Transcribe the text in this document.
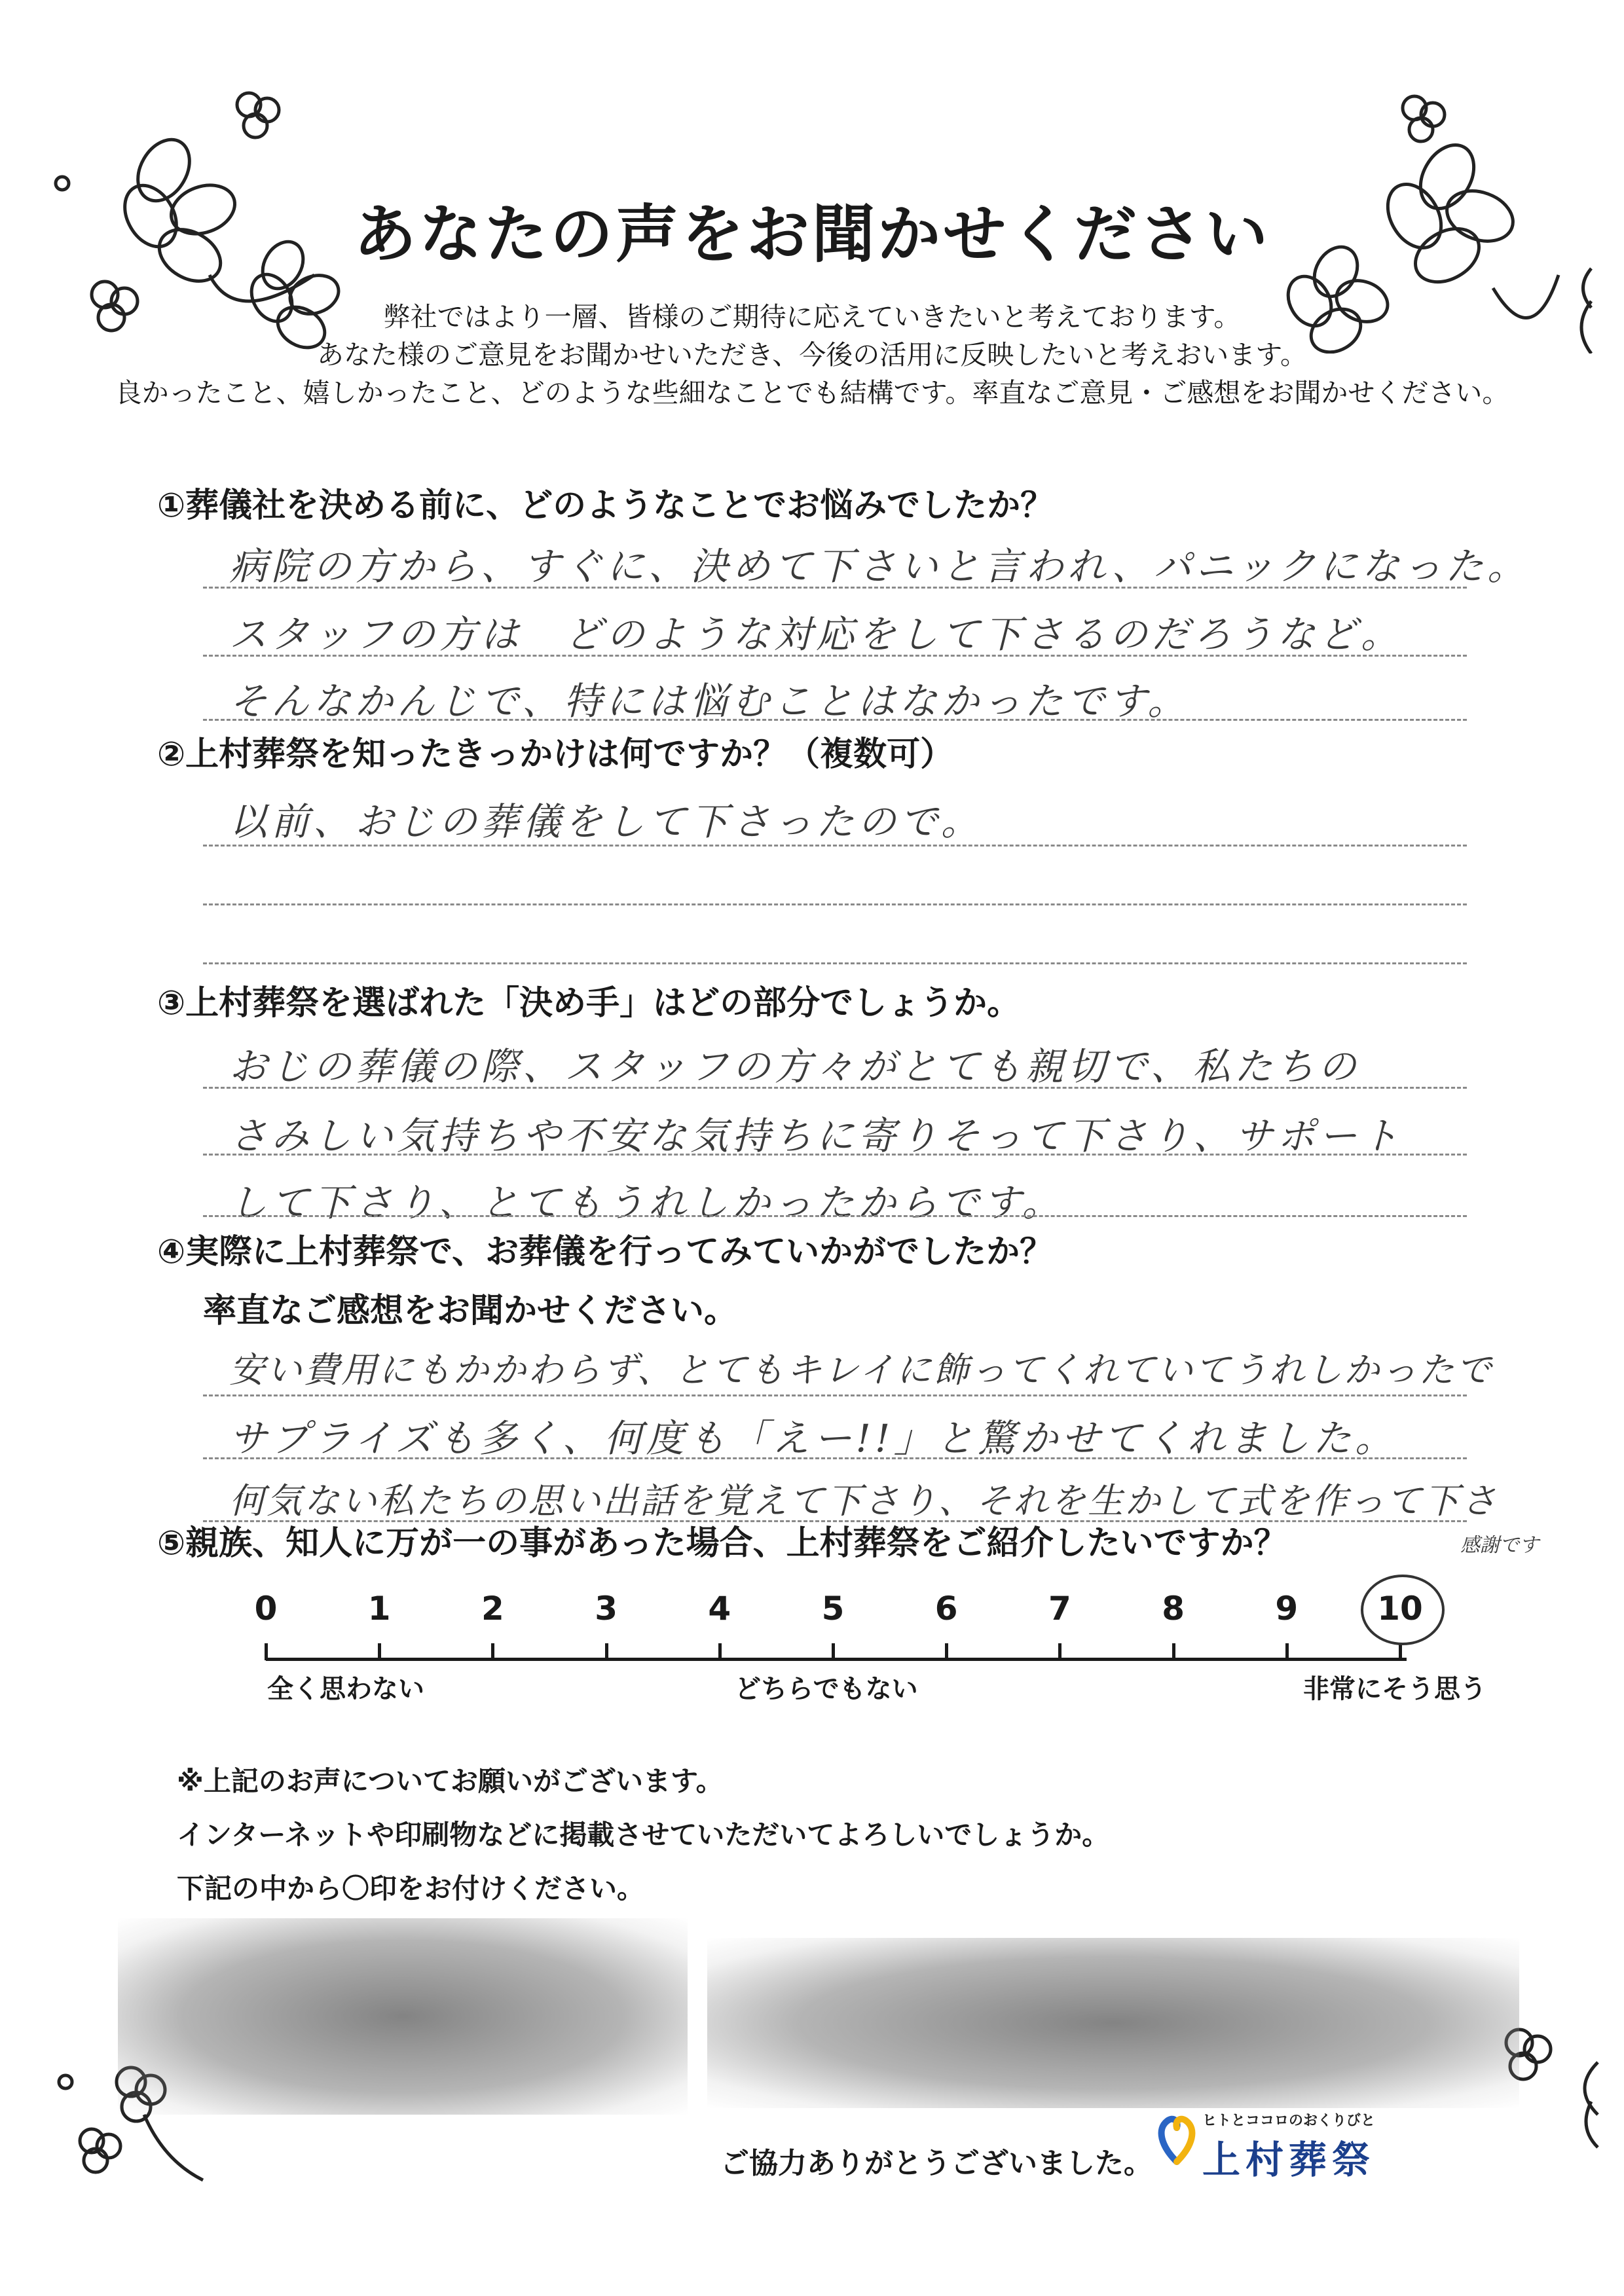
あなたの声をお聞かせください
弊社ではより一層、皆様のご期待に応えていきたいと考えております。
あなた様のご意見をお聞かせいただき、今後の活用に反映したいと考えおいます。
良かったこと、嬉しかったこと、どのような些細なことでも結構です。率直なご意見・ご感想をお聞かせください。
①葬儀社を決める前に、どのようなことでお悩みでしたか？
病院の方から、すぐに、決めて下さいと言われ、パニックになった。
スタッフの方は　どのような対応をして下さるのだろうなど。
そんなかんじで、特には悩むことはなかったです。
②上村葬祭を知ったきっかけは何ですか？（複数可）
以前、おじの葬儀をして下さったので。
③上村葬祭を選ばれた「決め手」はどの部分でしょうか。
おじの葬儀の際、スタッフの方々がとても親切で、私たちの
さみしい気持ちや不安な気持ちに寄りそって下さり、サポート
して下さり、とてもうれしかったからです。
④実際に上村葬祭で、お葬儀を行ってみていかがでしたか？
率直なご感想をお聞かせください。
安い費用にもかかわらず、とてもキレイに飾ってくれていてうれしかったで
サプライズも多く、何度も「えー!!」と驚かせてくれました。
何気ない私たちの思い出話を覚えて下さり、それを生かして式を作って下さ
感謝です
⑤親族、知人に万が一の事があった場合、上村葬祭をご紹介したいですか？
0	1	2	3	4	5	6	7	8	9	10
全く思わない	どちらでもない	非常にそう思う
※上記のお声についてお願いがございます。
インターネットや印刷物などに掲載させていただいてよろしいでしょうか。
下記の中から〇印をお付けください。
ご協力ありがとうございました。
ヒトとココロのおくりびと
上村葬祭
